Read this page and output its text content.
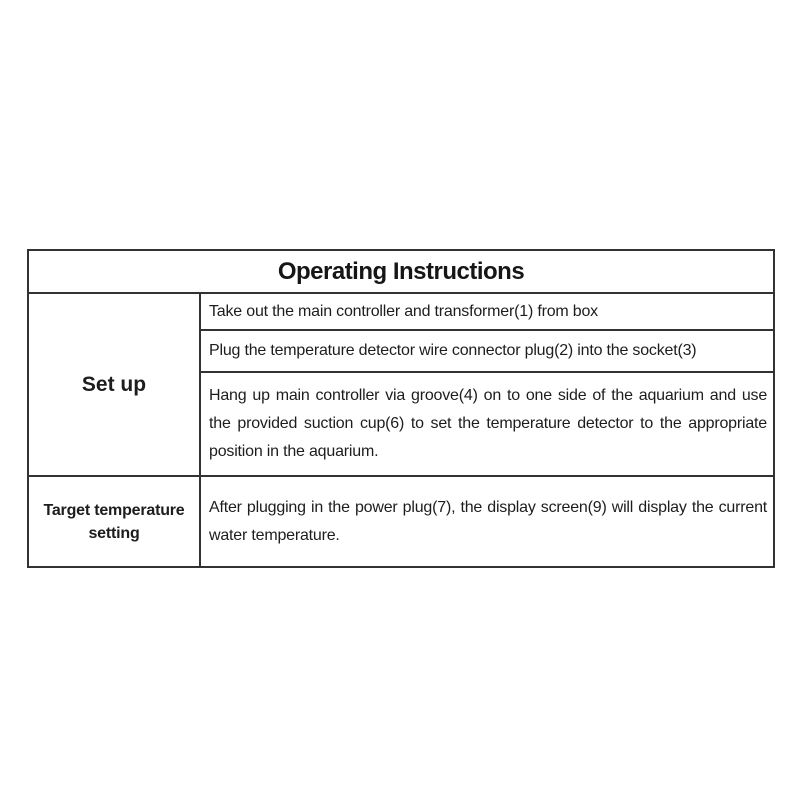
Operating Instructions	
Set up	Take out the main controller and transformer(1) from box
	Plug the temperature detector wire connector plug(2) into the socket(3)
	Hang up main controller via groove(4) on to one side of the aquarium and use the provided suction cup(6) to set the temperature detector to the appropriate position in the aquarium.
Target temperature setting	After plugging in the power plug(7), the display screen(9) will display the current water temperature.
